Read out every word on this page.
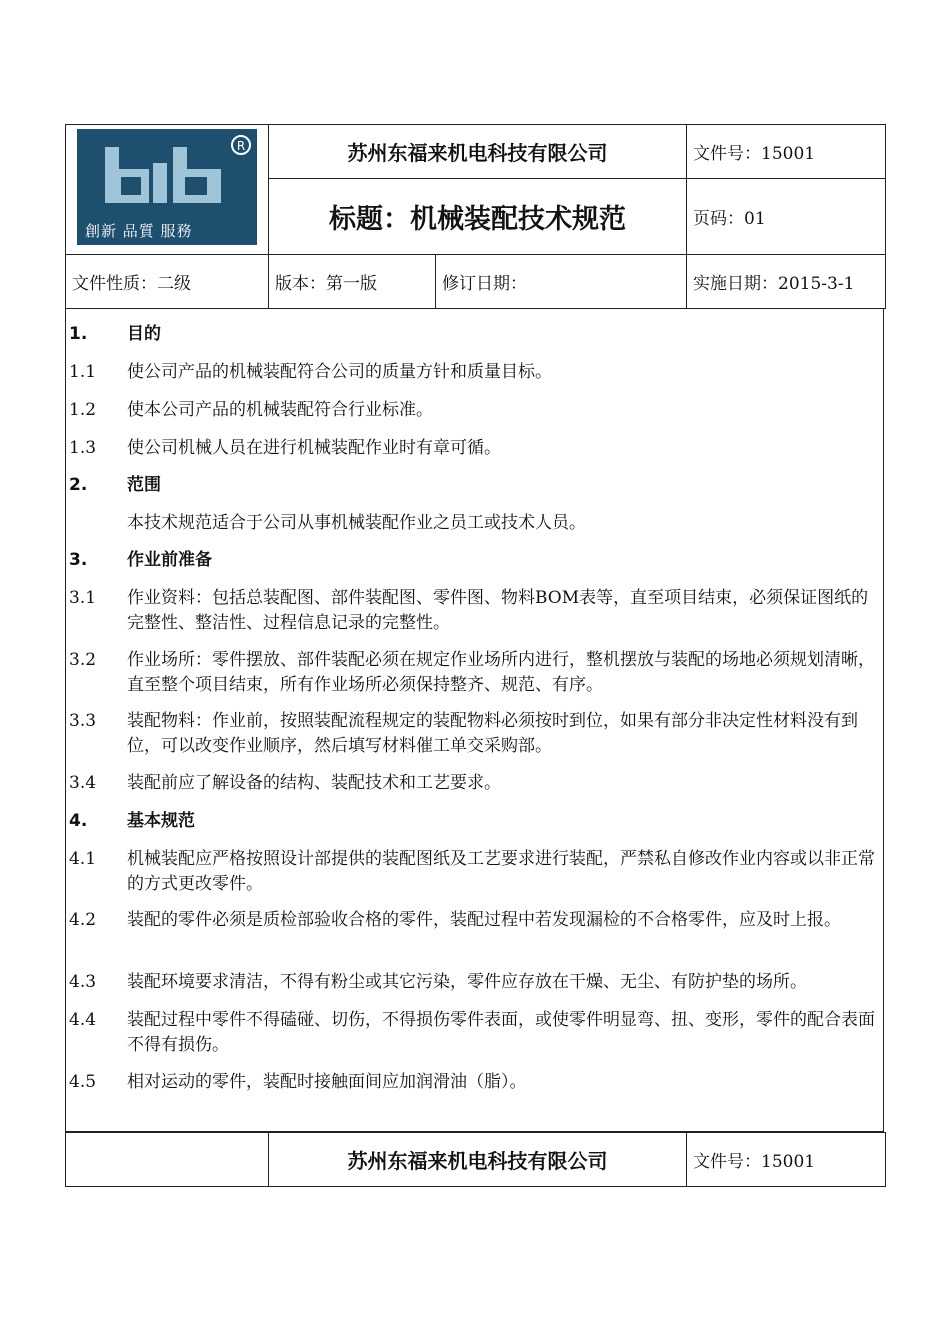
R
創新 品質 服務	苏州东福来机电科技有限公司		文件号：15001
	标题：机械装配技术规范		页码：01
文件性质：二级	版本：第一版	修订日期：	实施日期：2015-3-1
1.	目的
1.1	使公司产品的机械装配符合公司的质量方针和质量目标。
1.2	使本公司产品的机械装配符合行业标准。
1.3	使公司机械人员在进行机械装配作业时有章可循。
2.	范围
本技术规范适合于公司从事机械装配作业之员工或技术人员。
3.	作业前准备
3.1	作业资料：包括总装配图、部件装配图、零件图、物料BOM表等，直至项目结束，必须保证图纸的完整性、整洁性、过程信息记录的完整性。
3.2	作业场所：零件摆放、部件装配必须在规定作业场所内进行，整机摆放与装配的场地必须规划清晰，直至整个项目结束，所有作业场所必须保持整齐、规范、有序。
3.3	装配物料：作业前，按照装配流程规定的装配物料必须按时到位，如果有部分非决定性材料没有到位，可以改变作业顺序，然后填写材料催工单交采购部。
3.4	装配前应了解设备的结构、装配技术和工艺要求。
4.	基本规范
4.1	机械装配应严格按照设计部提供的装配图纸及工艺要求进行装配，严禁私自修改作业内容或以非正常的方式更改零件。
4.2	装配的零件必须是质检部验收合格的零件，装配过程中若发现漏检的不合格零件，应及时上报。
4.3	装配环境要求清洁，不得有粉尘或其它污染，零件应存放在干燥、无尘、有防护垫的场所。
4.4	装配过程中零件不得磕碰、切伤，不得损伤零件表面，或使零件明显弯、扭、变形，零件的配合表面不得有损伤。
4.5	相对运动的零件，装配时接触面间应加润滑油（脂）。
	苏州东福来机电科技有限公司	文件号：15001
